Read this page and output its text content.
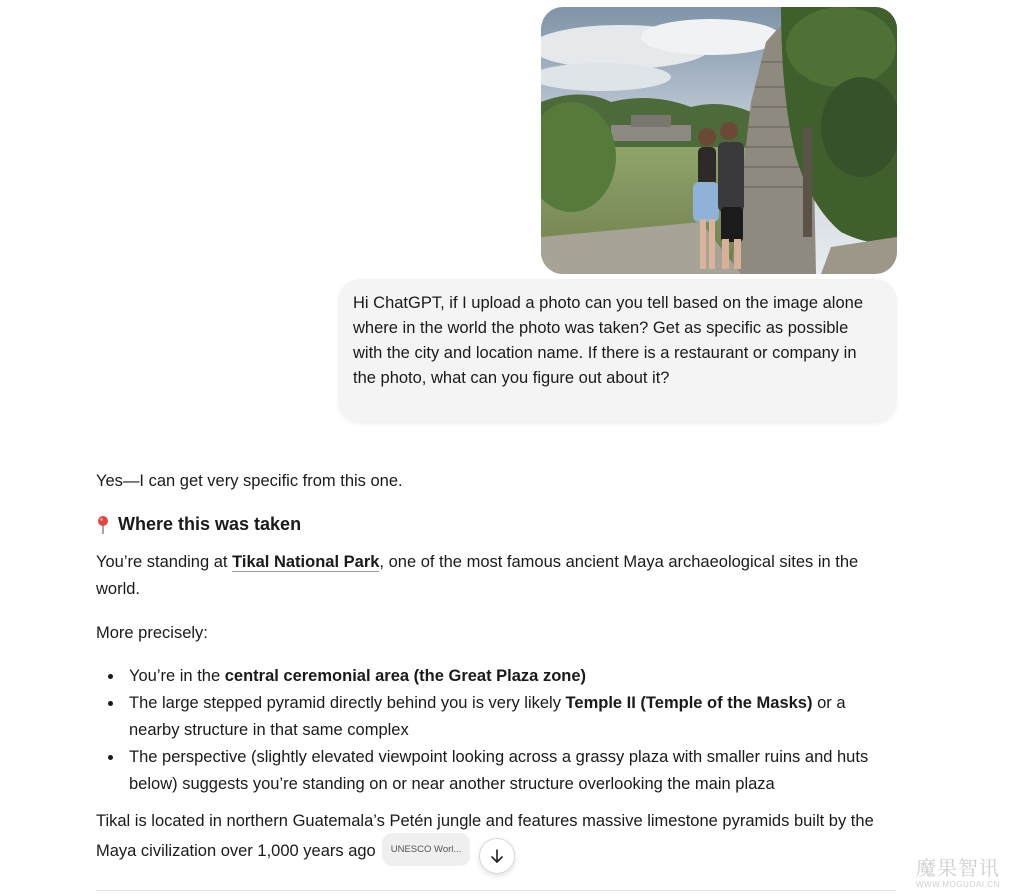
Hi ChatGPT, if I upload a photo can you tell based on the image alone
where in the world the photo was taken? Get as specific as possible
with the city and location name. If there is a restaurant or company in
the photo, what can you figure out about it?
Yes—I can get very specific from this one.
Where this was taken
You’re standing at Tikal National Park, one of the most famous ancient Maya archaeological sites in the
world.
More precisely:
You’re in the central ceremonial area (the Great Plaza zone)
The large stepped pyramid directly behind you is very likely Temple II (Temple of the Masks) or a
nearby structure in that same complex
The perspective (slightly elevated viewpoint looking across a grassy plaza with smaller ruins and huts
below) suggests you’re standing on or near another structure overlooking the main plaza
Tikal is located in northern Guatemala’s Petén jungle and features massive limestone pyramids built by the
Maya civilization over 1,000 years ago UNESCO Worl...
魔果智讯
WWW.MOGUOAI.CN
